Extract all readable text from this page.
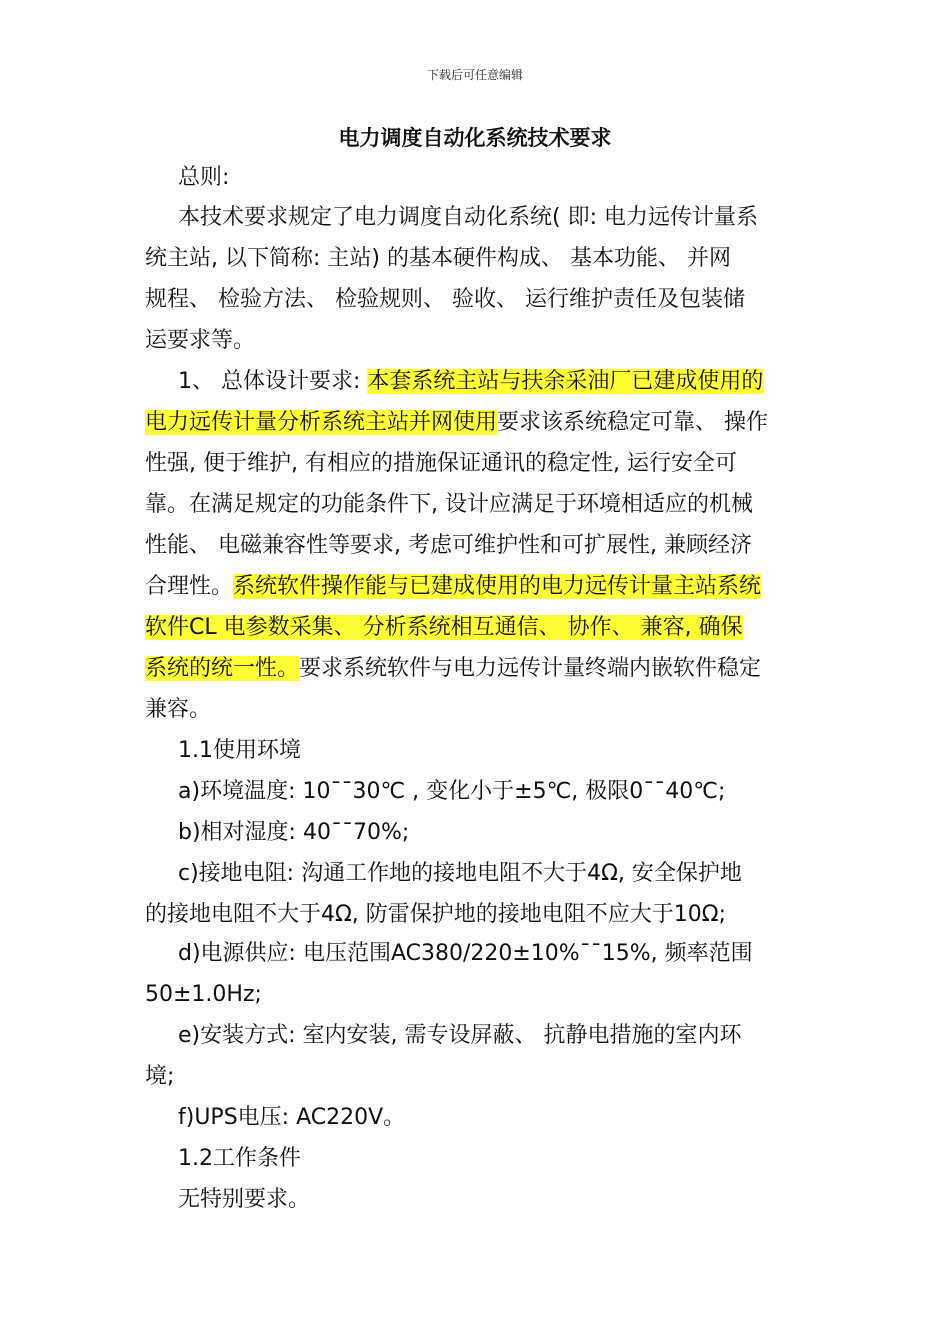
下载后可任意编辑
电力调度自动化系统技术要求
总则:
本技术要求规定了电力调度自动化系统( 即: 电力远传计量系
统主站, 以下简称: 主站) 的基本硬件构成、 基本功能、 并网
规程、 检验方法、 检验规则、 验收、 运行维护责任及包装储
运要求等。
1、 总体设计要求: 本套系统主站与扶余采油厂已建成使用的
电力远传计量分析系统主站并网使用要求该系统稳定可靠、 操作
性强, 便于维护, 有相应的措施保证通讯的稳定性, 运行安全可
靠。在满足规定的功能条件下, 设计应满足于环境相适应的机械
性能、 电磁兼容性等要求, 考虑可维护性和可扩展性, 兼顾经济
合理性。系统软件操作能与已建成使用的电力远传计量主站系统
软件CL 电参数采集、 分析系统相互通信、 协作、 兼容, 确保
系统的统一性。要求系统软件与电力远传计量终端内嵌软件稳定
兼容。
1.1使用环境
a)环境温度: 10¯¯30℃ , 变化小于±5℃, 极限0¯¯40℃;
b)相对湿度: 40¯¯70%;
c)接地电阻: 沟通工作地的接地电阻不大于4Ω, 安全保护地
的接地电阻不大于4Ω, 防雷保护地的接地电阻不应大于10Ω;
d)电源供应: 电压范围AC380/220±10%¯¯15%, 频率范围
50±1.0Hz;
e)安装方式: 室内安装, 需专设屏蔽、 抗静电措施的室内环
境;
f)UPS电压: AC220V。
1.2工作条件
无特别要求。
